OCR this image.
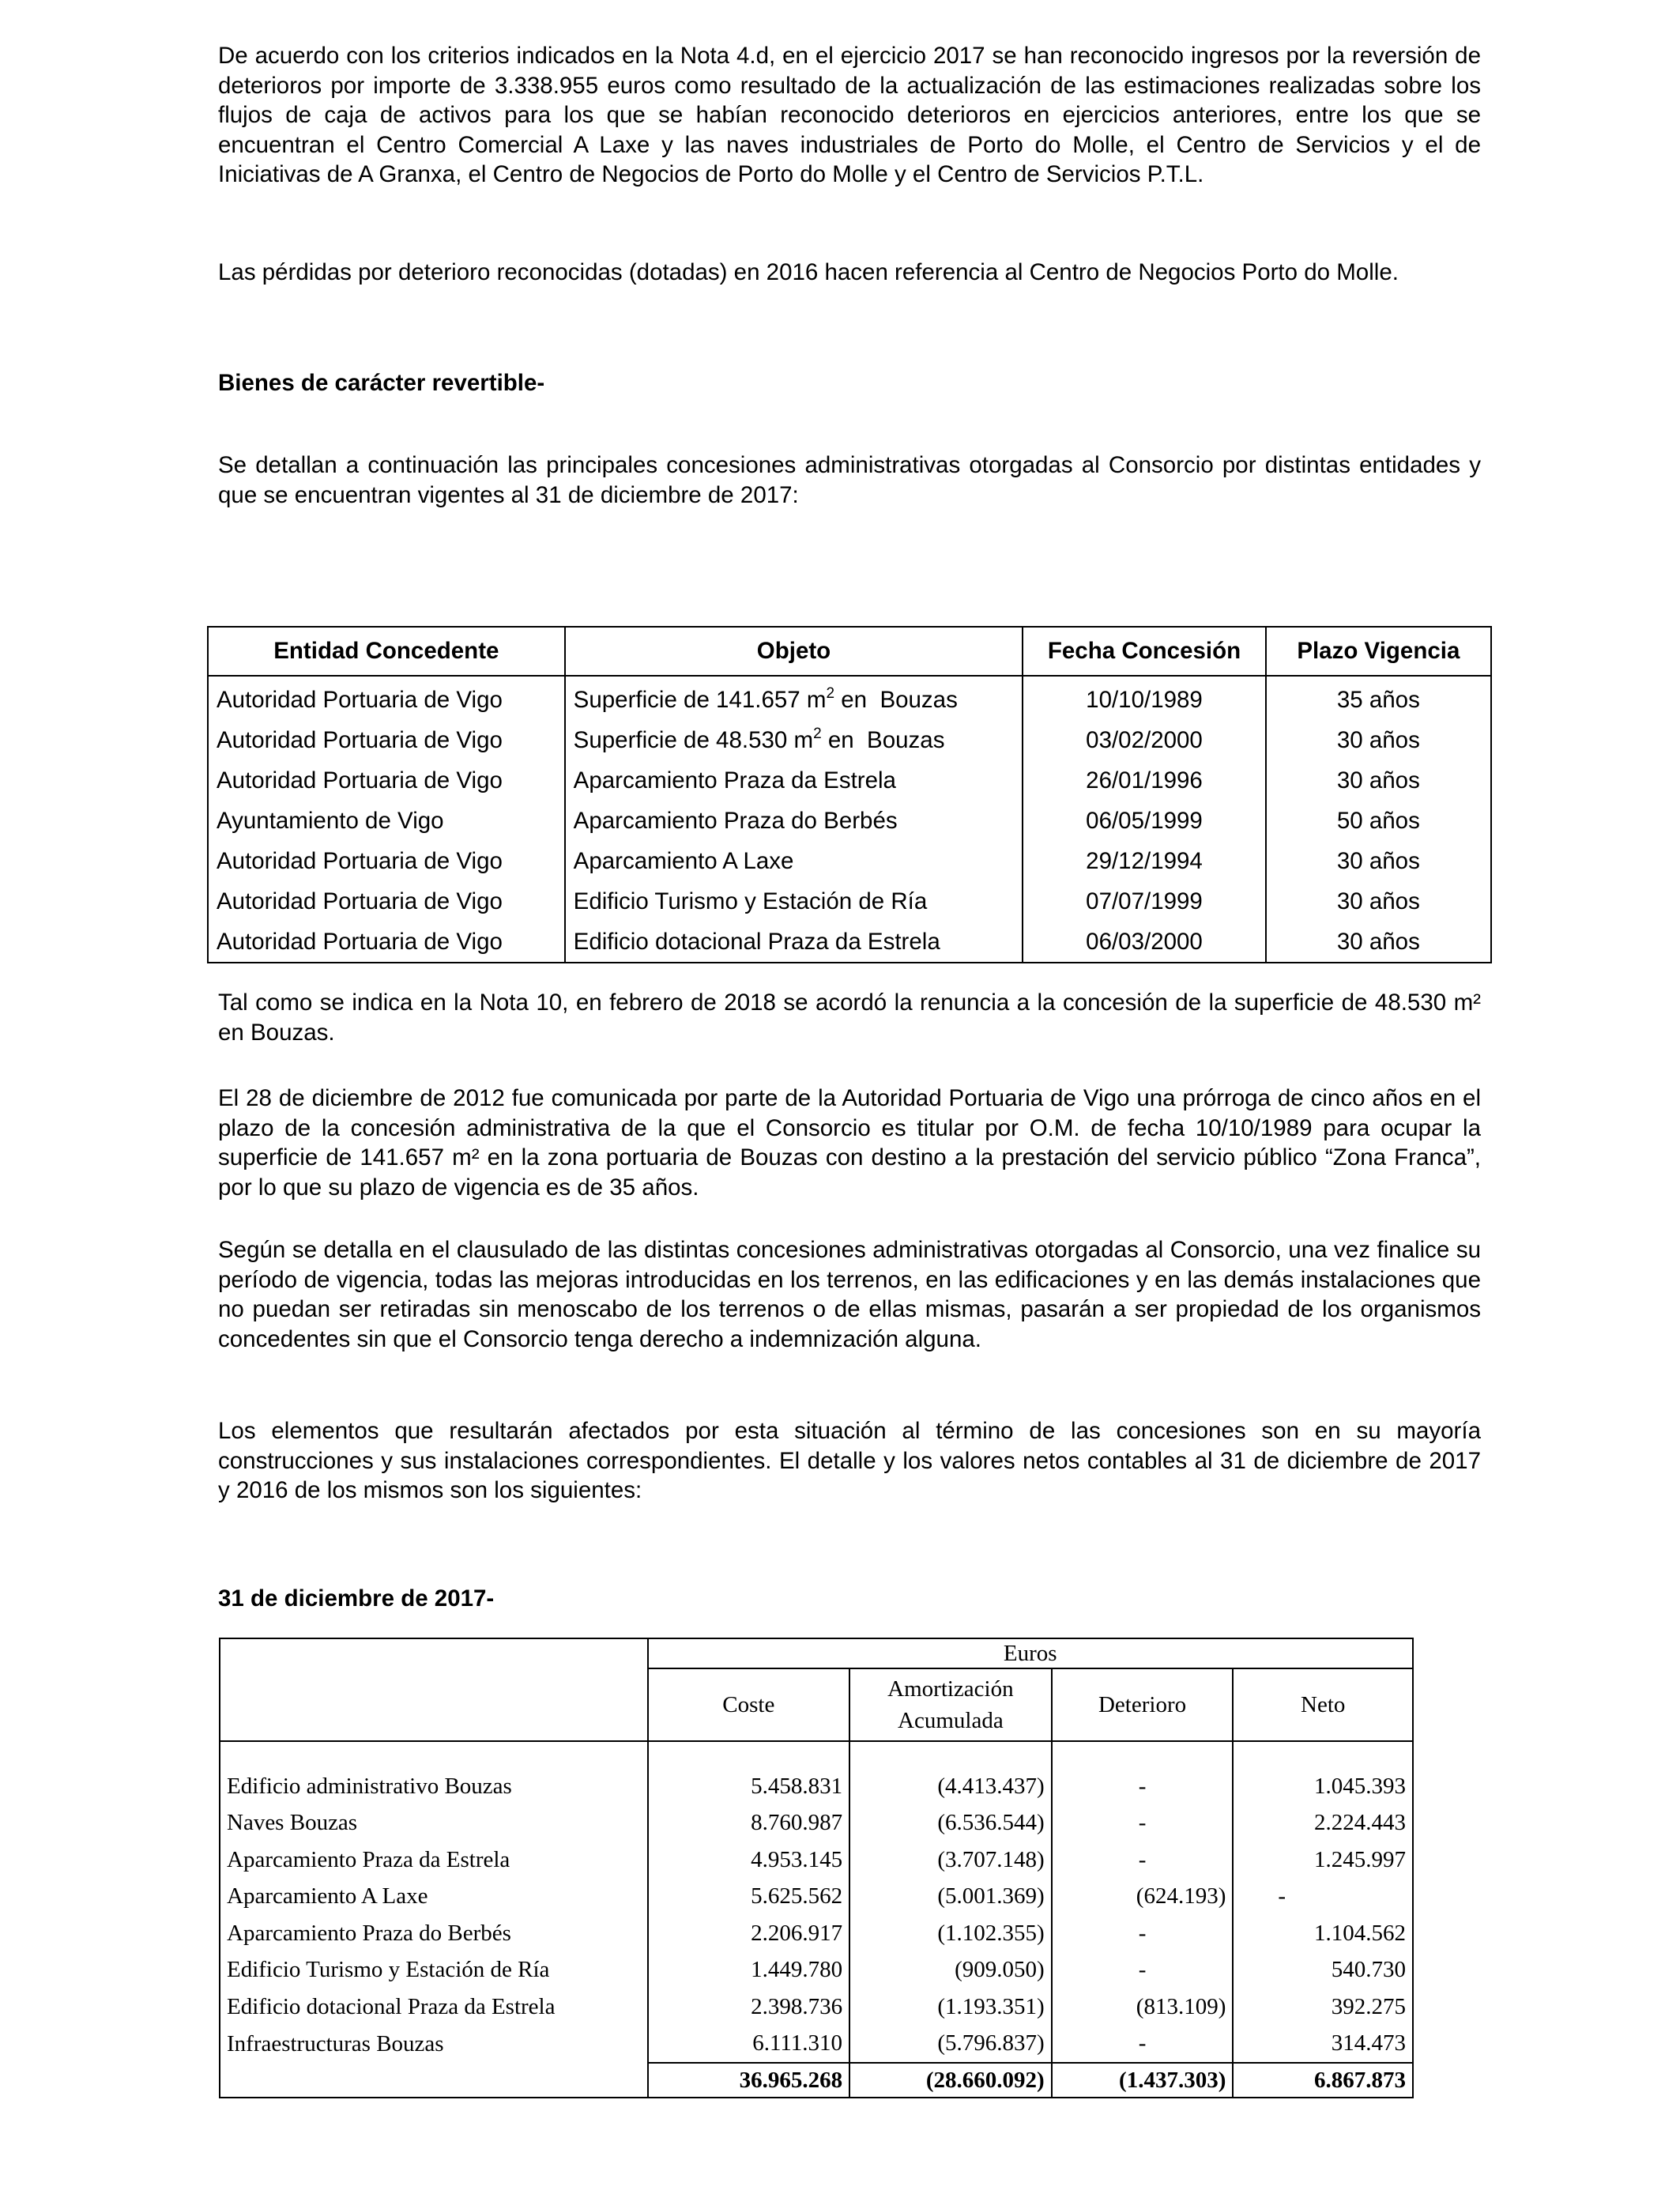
De acuerdo con los criterios indicados en la Nota 4.d, en el ejercicio 2017 se han reconocido ingresos por la reversión de deterioros por importe de 3.338.955 euros como resultado de la actualización de las estimaciones realizadas sobre los flujos de caja de activos para los que se habían reconocido deterioros en ejercicios anteriores, entre los que se encuentran el Centro Comercial A Laxe y las naves industriales de Porto do Molle, el Centro de Servicios y el de Iniciativas de A Granxa, el Centro de Negocios de Porto do Molle y el Centro de Servicios P.T.L.

Las pérdidas por deterioro reconocidas (dotadas) en 2016 hacen referencia al Centro de Negocios Porto do Molle.

Bienes de carácter revertible-

Se detallan a continuación las principales concesiones administrativas otorgadas al Consorcio por distintas entidades y que se encuentran vigentes al 31 de diciembre de 2017:

Entidad Concedente	Objeto	Fecha Concesión	Plazo Vigencia
Autoridad Portuaria de Vigo	Superficie de 141.657 $m^2$ en  Bouzas	10/10/1989	35 años
Autoridad Portuaria de Vigo	Superficie de 48.530 $m^2$ en  Bouzas	03/02/2000	30 años
Autoridad Portuaria de Vigo	Aparcamiento Praza da Estrela	26/01/1996	30 años
Ayuntamiento de Vigo	Aparcamiento Praza do Berbés	06/05/1999	50 años
Autoridad Portuaria de Vigo	Aparcamiento A Laxe	29/12/1994	30 años
Autoridad Portuaria de Vigo	Edificio Turismo y Estación de Ría	07/07/1999	30 años
Autoridad Portuaria de Vigo	Edificio dotacional Praza da Estrela	06/03/2000	30 años

Tal como se indica en la Nota 10, en febrero de 2018 se acordó la renuncia a la concesión de la superficie de 48.530 m² en Bouzas.

El 28 de diciembre de 2012 fue comunicada por parte de la Autoridad Portuaria de Vigo una prórroga de cinco años en el plazo de la concesión administrativa de la que el Consorcio es titular por O.M. de fecha 10/10/1989 para ocupar la superficie de 141.657 m² en la zona portuaria de Bouzas con destino a la prestación del servicio público “Zona Franca”, por lo que su plazo de vigencia es de 35 años.

Según se detalla en el clausulado de las distintas concesiones administrativas otorgadas al Consorcio, una vez finalice su período de vigencia, todas las mejoras introducidas en los terrenos, en las edificaciones y en las demás instalaciones que no puedan ser retiradas sin menoscabo de los terrenos o de ellas mismas, pasarán a ser propiedad de los organismos concedentes sin que el Consorcio tenga derecho a indemnización alguna.

Los elementos que resultarán afectados por esta situación al término de las concesiones son en su mayoría construcciones y sus instalaciones correspondientes. El detalle y los valores netos contables al 31 de diciembre de 2017 y 2016 de los mismos son los siguientes:

31 de diciembre de 2017-

	Euros			
	Coste	Amortización
Acumulada	Deterioro	Neto

Edificio administrativo Bouzas	5.458.831	(4.413.437)	-	1.045.393
Naves Bouzas	8.760.987	(6.536.544)	-	2.224.443
Aparcamiento Praza da Estrela	4.953.145	(3.707.148)	-	1.245.997
Aparcamiento A Laxe	5.625.562	(5.001.369)	(624.193)	-
Aparcamiento Praza do Berbés	2.206.917	(1.102.355)	-	1.104.562
Edificio Turismo y Estación de Ría	1.449.780	(909.050)	-	540.730
Edificio dotacional Praza da Estrela	2.398.736	(1.193.351)	(813.109)	392.275
Infraestructuras Bouzas	6.111.310	(5.796.837)	-	314.473
	36.965.268	(28.660.092)	(1.437.303)	6.867.873
